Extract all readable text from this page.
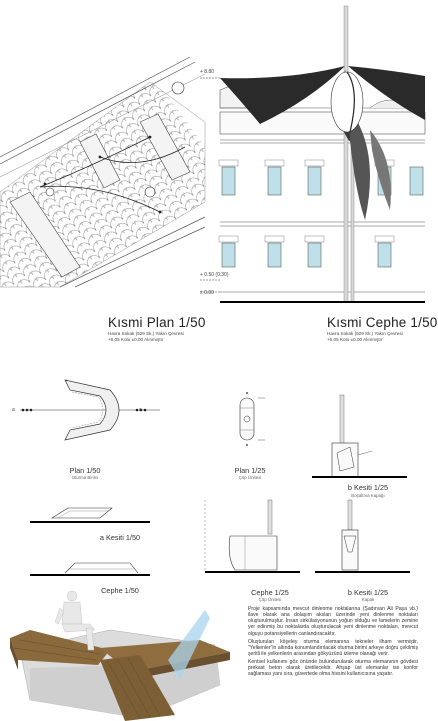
+ 8.80
+ 0.50 (0.30)
± 0.00
Kısmi Plan 1/50
Havra Sokak (929 Sk.) Yakın Çevresi
+6.05 Kotu ±0.00 Alınmıştır
Kısmi Cephe 1/50
Havra Sokak (929 Sk.) Yakın Çevresi
+6.05 Kotu ±0.00 Alınmıştır
a	a
Plan 1/50
Oturma Birimi
Plan 1/25
Çöp Ünitesi
b Kesiti 1/25
Boşaltma Kapağı
a Kesiti 1/50
Cephe 1/50	Cephe 1/25
Çöp Ünitesi
b Kesiti 1/25
Kapak

Proje kapsamında mevcut dinlenme noktalarına (Şadırvan Ali Paşa vb.) ilave olarak ana dolaşım aksları üzerinde yeni dinlenme noktaları oluşturulmuştur. İnsan sirkülasyonunun yoğun olduğu ve lamelerin zemine yer edinmiş bu noktalarda oluşturulacak yeni dinlenme noktaları, mevcut olguyu potansiyellerin canlandıracaktır.

Oluşturulan köşeley oturma elemanına tekneler ilham vermiştir. "Yelkenler"in altında konumlandırılacak oturma birimi arkeye doğru çekilmiş şeritli ile yelkenlerin arasından gökyüzünü izleme olanağı verir.

Kentsel kullanımı göz önünde bulundurularak oturma elemanının gövdesi prekast beton olarak üretilecektir. Ahşap üst elemanlar ise konfor sağlaması yanı sıra, güvertede olma hissini kullanıcısına yaşatır.
